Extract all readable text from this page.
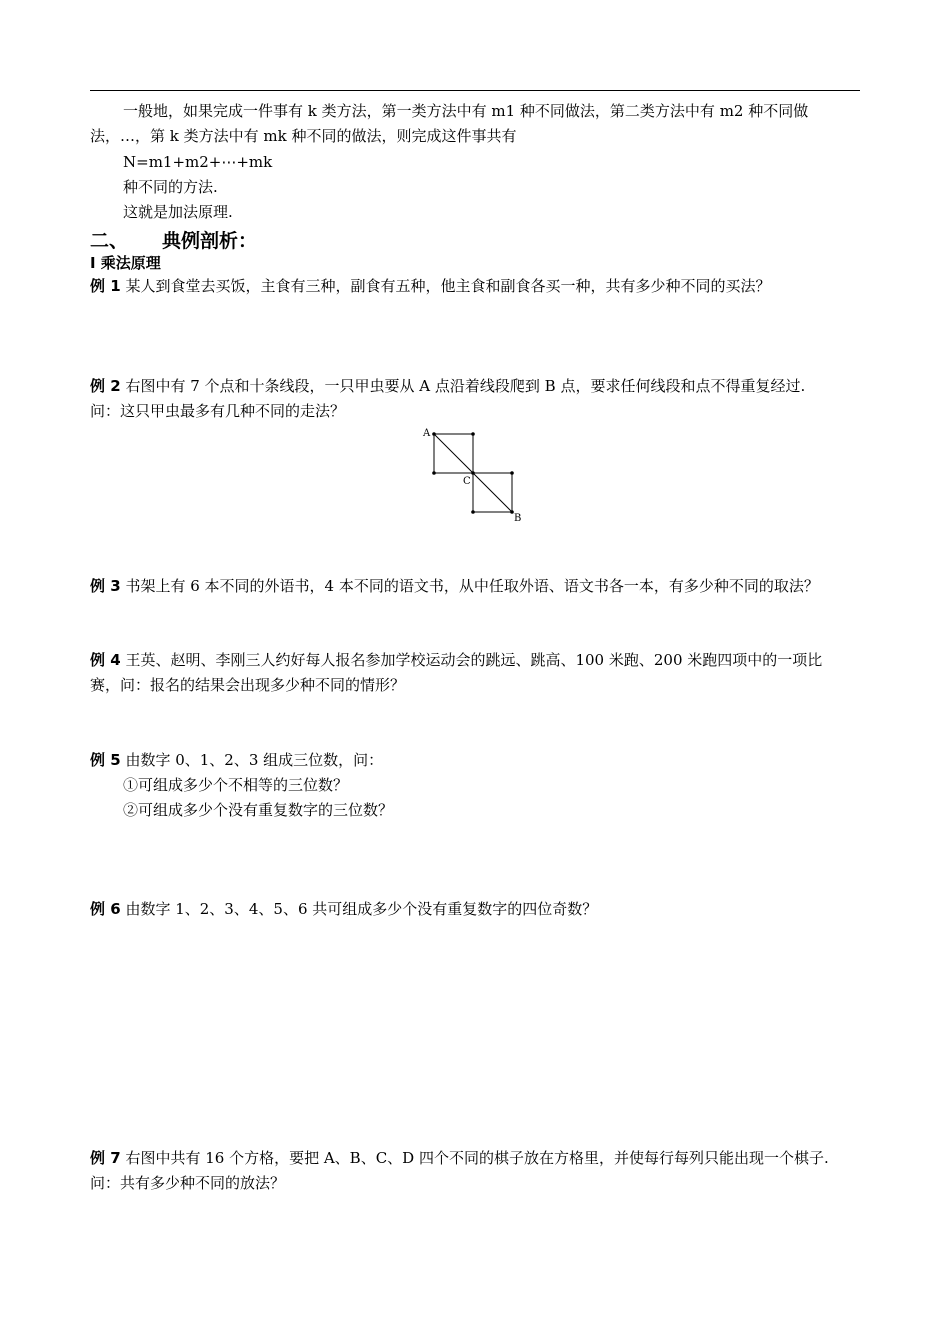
一般地，如果完成一件事有 k 类方法，第一类方法中有 m1 种不同做法，第二类方法中有 m2 种不同做
法，…，第 k 类方法中有 mk 种不同的做法，则完成这件事共有
N=m1+m2+⋯+mk
种不同的方法.
这就是加法原理.
二、 典例剖析：
Ⅰ 乘法原理
例 1 某人到食堂去买饭，主食有三种，副食有五种，他主食和副食各买一种，共有多少种不同的买法？
例 2 右图中有 7 个点和十条线段，一只甲虫要从 A 点沿着线段爬到 B 点，要求任何线段和点不得重复经过.
问：这只甲虫最多有几种不同的走法？
A
C
B
例 3 书架上有 6 本不同的外语书，4 本不同的语文书，从中任取外语、语文书各一本，有多少种不同的取法？
例 4 王英、赵明、李刚三人约好每人报名参加学校运动会的跳远、跳高、100 米跑、200 米跑四项中的一项比
赛，问：报名的结果会出现多少种不同的情形？
例 5 由数字 0、1、2、3 组成三位数，问：
①可组成多少个不相等的三位数？
②可组成多少个没有重复数字的三位数？
例 6 由数字 1、2、3、4、5、6 共可组成多少个没有重复数字的四位奇数？
例 7 右图中共有 16 个方格，要把 A、B、C、D 四个不同的棋子放在方格里，并使每行每列只能出现一个棋子.
问：共有多少种不同的放法？
